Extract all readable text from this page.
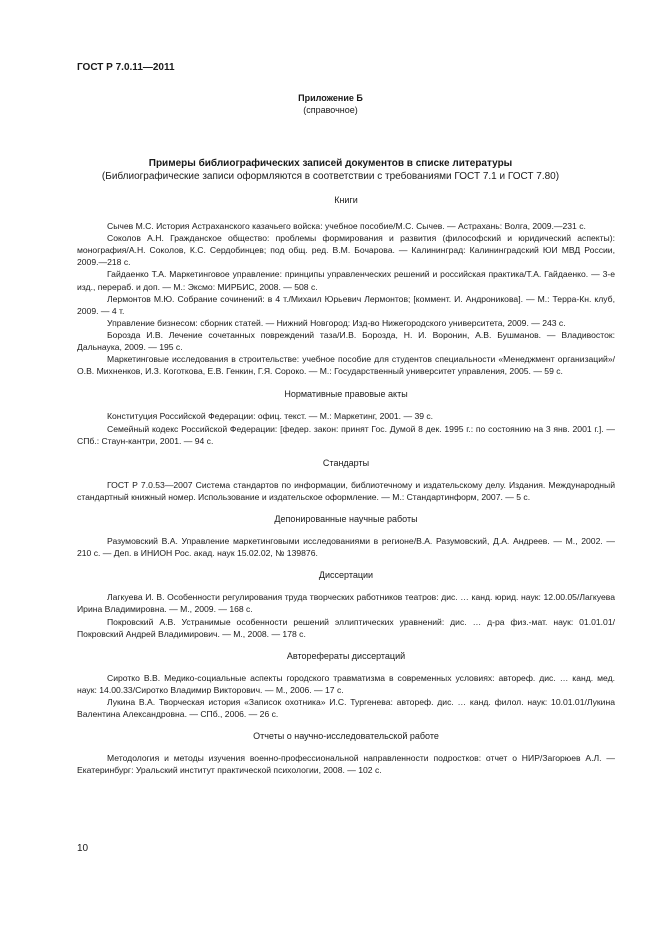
ГОСТ Р 7.0.11—2011
Приложение Б
(справочное)
Примеры библиографических записей документов в списке литературы
(Библиографические записи оформляются в соответствии с требованиями ГОСТ 7.1 и ГОСТ 7.80)
Книги

Сычев М.С. История Астраханского казачьего войска: учебное пособие/М.С. Сычев. — Астрахань: Волга, 2009.—231 с.

Соколов А.Н. Гражданское общество: проблемы формирования и развития (философский и юридический аспекты): монография/А.Н. Соколов, К.С. Сердобинцев; под общ. ред. В.М. Бочарова. — Калининград: Калининградский ЮИ МВД России, 2009.—218 с.

Гайдаенко Т.А. Маркетинговое управление: принципы управленческих решений и российская практика/Т.А. Гайдаенко. — 3-е изд., перераб. и доп. — М.: Эксмо: МИРБИС, 2008. — 508 с.

Лермонтов М.Ю. Собрание сочинений: в 4 т./Михаил Юрьевич Лермонтов; [коммент. И. Андроникова]. — М.: Терра-Кн. клуб, 2009. — 4 т.

Управление бизнесом: сборник статей. — Нижний Новгород: Изд-во Нижегородского университета, 2009. — 243 с.

Борозда И.В. Лечение сочетанных повреждений таза/И.В. Борозда, Н. И. Воронин, А.В. Бушманов. — Владивосток: Дальнаука, 2009. — 195 с.

Маркетинговые исследования в строительстве: учебное пособие для студентов специальности «Менеджмент организаций»/О.В. Михненков, И.З. Коготкова, Е.В. Генкин, Г.Я. Сороко. — М.: Государственный университет управления, 2005. — 59 с.

Нормативные правовые акты

Конституция Российской Федерации: офиц. текст. — М.: Маркетинг, 2001. — 39 с.

Семейный кодекс Российской Федерации: [федер. закон: принят Гос. Думой 8 дек. 1995 г.: по состоянию на 3 янв. 2001 г.]. — СПб.: Стаун-кантри, 2001. — 94 с.

Стандарты

ГОСТ Р 7.0.53—2007 Система стандартов по информации, библиотечному и издательскому делу. Издания. Международный стандартный книжный номер. Использование и издательское оформление. — М.: Стандартинформ, 2007. — 5 с.

Депонированные научные работы

Разумовский В.А. Управление маркетинговыми исследованиями в регионе/В.А. Разумовский, Д.А. Андреев. — М., 2002. — 210 с. — Деп. в ИНИОН Рос. акад. наук 15.02.02, № 139876.

Диссертации

Лагкуева И. В. Особенности регулирования труда творческих работников театров: дис. … канд. юрид. наук: 12.00.05/Лагкуева Ирина Владимировна. — М., 2009. — 168 с.

Покровский А.В. Устранимые особенности решений эллиптических уравнений: дис. … д-ра физ.-мат. наук: 01.01.01/Покровский Андрей Владимирович. — М., 2008. — 178 с.

Авторефераты диссертаций

Сиротко В.В. Медико-социальные аспекты городского травматизма в современных условиях: автореф. дис. … канд. мед. наук: 14.00.33/Сиротко Владимир Викторович. — М., 2006. — 17 с.

Лукина В.А. Творческая история «Записок охотника» И.С. Тургенева: автореф. дис. … канд. филол. наук: 10.01.01/Лукина Валентина Александровна. — СПб., 2006. — 26 с.

Отчеты о научно-исследовательской работе

Методология и методы изучения военно-профессиональной направленности подростков: отчет о НИР/Загорюев А.Л. — Екатеринбург: Уральский институт практической психологии, 2008. — 102 с.

10
